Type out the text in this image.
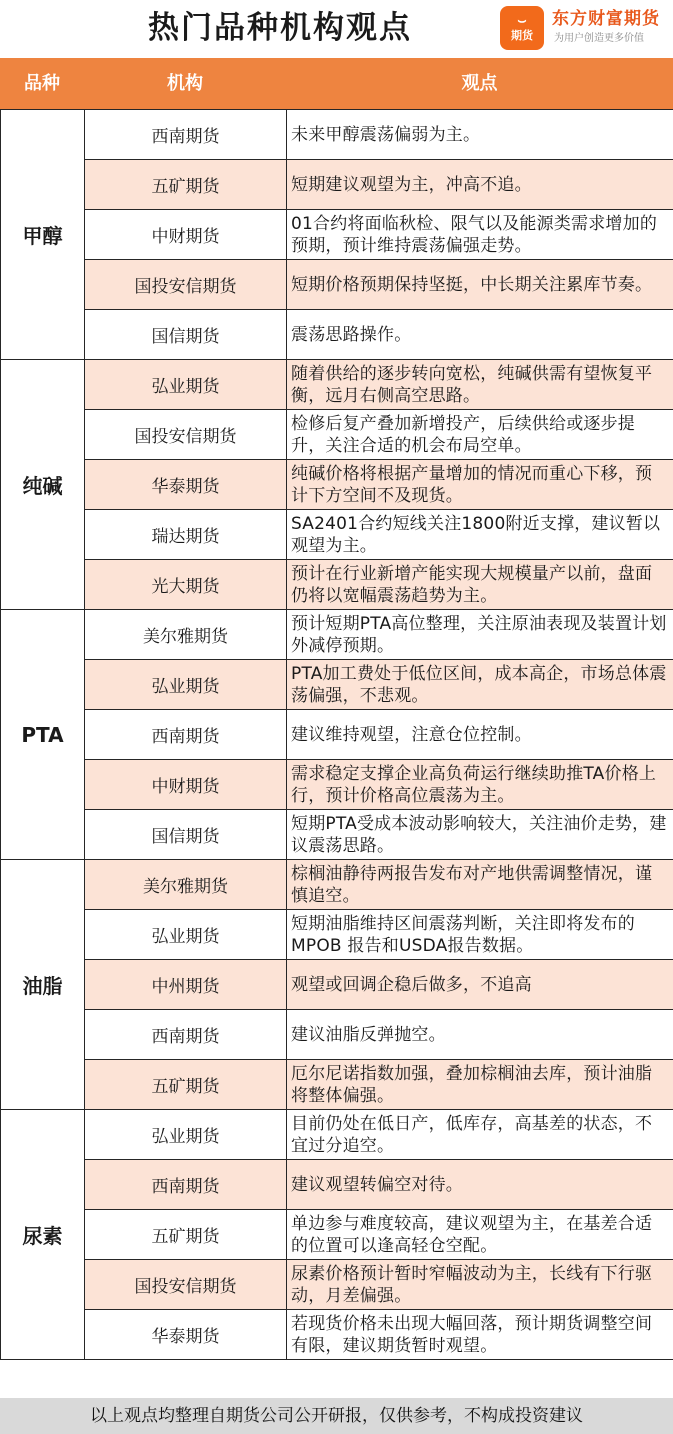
热门品种机构观点	⌣
期货
东方财富期货
为用户创造更多价值
品种	机构	观点
甲醇	西南期货	未来甲醇震荡偏弱为主。
	五矿期货	短期建议观望为主，冲高不追。
	中财期货	01合约将面临秋检、限气以及能源类需求增加的预期，预计维持震荡偏强走势。
	国投安信期货	短期价格预期保持坚挺，中长期关注累库节奏。
	国信期货	震荡思路操作。
纯碱	弘业期货	随着供给的逐步转向宽松，纯碱供需有望恢复平衡，远月右侧高空思路。
	国投安信期货	检修后复产叠加新增投产，后续供给或逐步提升，关注合适的机会布局空单。
	华泰期货	纯碱价格将根据产量增加的情况而重心下移，预计下方空间不及现货。
	瑞达期货	SA2401合约短线关注1800附近支撑，建议暂以观望为主。
	光大期货	预计在行业新增产能实现大规模量产以前，盘面仍将以宽幅震荡趋势为主。
PTA	美尔雅期货	预计短期PTA高位整理，关注原油表现及装置计划外减停预期。
	弘业期货	PTA加工费处于低位区间，成本高企，市场总体震荡偏强，不悲观。
	西南期货	建议维持观望，注意仓位控制。
	中财期货	需求稳定支撑企业高负荷运行继续助推TA价格上行，预计价格高位震荡为主。
	国信期货	短期PTA受成本波动影响较大，关注油价走势，建议震荡思路。
油脂	美尔雅期货	棕榈油静待两报告发布对产地供需调整情况，谨慎追空。
	弘业期货	短期油脂维持区间震荡判断，关注即将发布的MPOB 报告和USDA报告数据。
	中州期货	观望或回调企稳后做多，不追高
	西南期货	建议油脂反弹抛空。
	五矿期货	厄尔尼诺指数加强，叠加棕榈油去库，预计油脂将整体偏强。
尿素	弘业期货	目前仍处在低日产，低库存，高基差的状态，不宜过分追空。
	西南期货	建议观望转偏空对待。
	五矿期货	单边参与难度较高，建议观望为主，在基差合适的位置可以逢高轻仓空配。
	国投安信期货	尿素价格预计暂时窄幅波动为主，长线有下行驱动，月差偏强。
	华泰期货	若现货价格未出现大幅回落，预计期货调整空间有限，建议期货暂时观望。
以上观点均整理自期货公司公开研报，仅供参考，不构成投资建议
